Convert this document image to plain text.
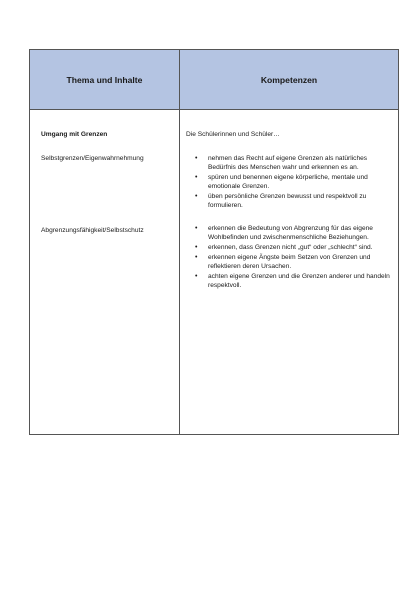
Thema und Inhalte	Kompetenzen
Umgang mit Grenzen
Selbstgrenzen/Eigenwahrnehmung
Abgrenzungsfähigkeit/Selbstschutz
Die Schülerinnen und Schüler…
• nehmen das Recht auf eigene Grenzen als natürliches Bedürfnis des Menschen wahr und erkennen es an.
• spüren und benennen eigene körperliche, mentale und emotionale Grenzen.
• üben persönliche Grenzen bewusst und respektvoll zu formulieren.
• erkennen die Bedeutung von Abgrenzung für das eigene Wohlbefinden und zwischenmenschliche Beziehungen.
• erkennen, dass Grenzen nicht „gut“ oder „schlecht“ sind.
• erkennen eigene Ängste beim Setzen von Grenzen und reflektieren deren Ursachen.
• achten eigene Grenzen und die Grenzen anderer und handeln respektvoll.
